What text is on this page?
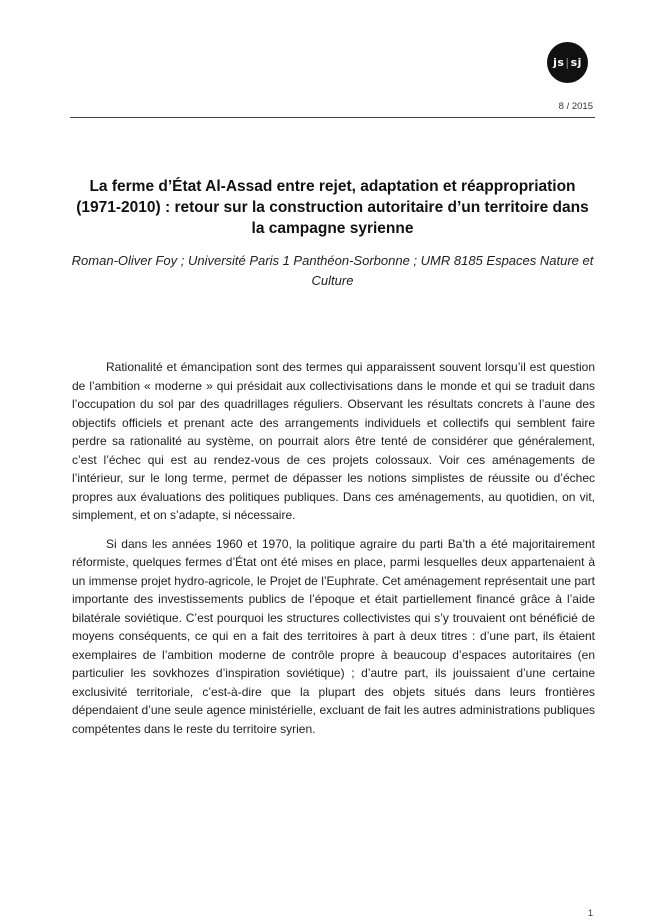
js | sj
8 / 2015
La ferme d’État Al-Assad entre rejet, adaptation et réappropriation (1971-2010) : retour sur la construction autoritaire d’un territoire dans la campagne syrienne
Roman-Oliver Foy ; Université Paris 1 Panthéon-Sorbonne ; UMR 8185 Espaces Nature et Culture

Rationalité et émancipation sont des termes qui apparaissent souvent lorsqu’il est question de l’ambition « moderne » qui présidait aux collectivisations dans le monde et qui se traduit dans l’occupation du sol par des quadrillages réguliers. Observant les résultats concrets à l’aune des objectifs officiels et prenant acte des arrangements individuels et collectifs qui semblent faire perdre sa rationalité au système, on pourrait alors être tenté de considérer que généralement, c’est l’échec qui est au rendez-vous de ces projets colossaux. Voir ces aménagements de l’intérieur, sur le long terme, permet de dépasser les notions simplistes de réussite ou d’échec propres aux évaluations des politiques publiques. Dans ces aménagements, au quotidien, on vit, simplement, et on s’adapte, si nécessaire.

Si dans les années 1960 et 1970, la politique agraire du parti Ba’th a été majoritairement réformiste, quelques fermes d’État ont été mises en place, parmi lesquelles deux appartenaient à un immense projet hydro-agricole, le Projet de l’Euphrate. Cet aménagement représentait une part importante des investissements publics de l’époque et était partiellement financé grâce à l’aide bilatérale soviétique. C’est pourquoi les structures collectivistes qui s’y trouvaient ont bénéficié de moyens conséquents, ce qui en a fait des territoires à part à deux titres : d’une part, ils étaient exemplaires de l’ambition moderne de contrôle propre à beaucoup d’espaces autoritaires (en particulier les sovkhozes d’inspiration soviétique) ; d’autre part, ils jouissaient d’une certaine exclusivité territoriale, c’est-à-dire que la plupart des objets situés dans leurs frontières dépendaient d’une seule agence ministérielle, excluant de fait les autres administrations publiques compétentes dans le reste du territoire syrien.

1
